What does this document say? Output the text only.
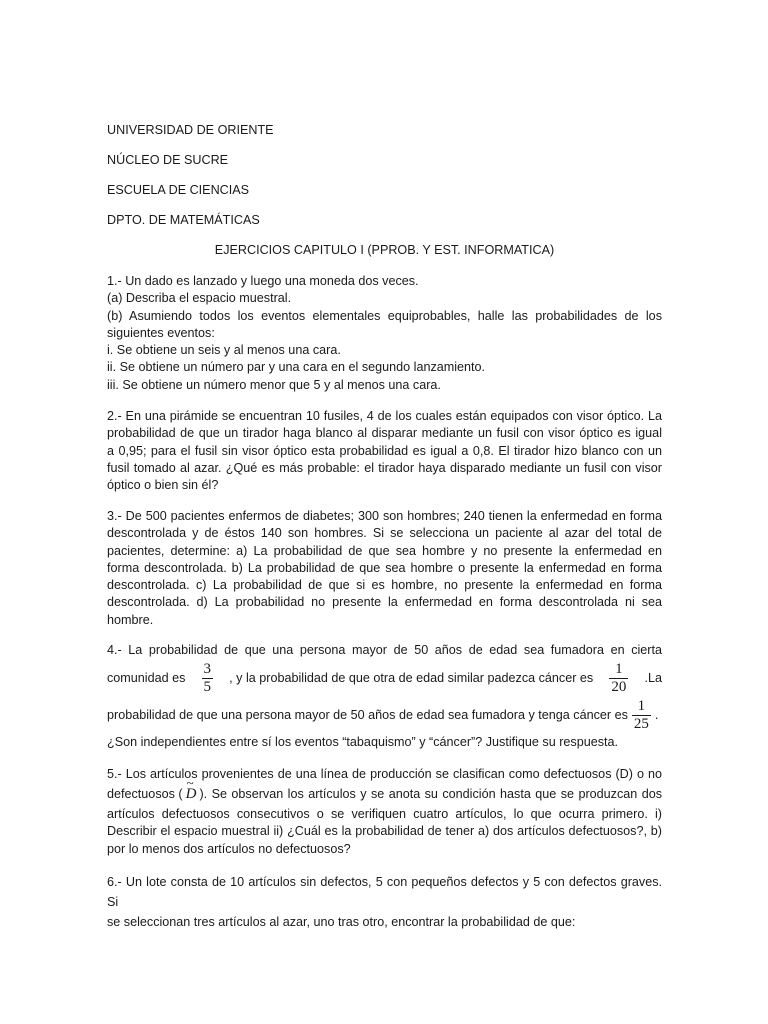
UNIVERSIDAD DE ORIENTE
NÚCLEO DE SUCRE
ESCUELA DE CIENCIAS
DPTO. DE MATEMÁTICAS
EJERCICIOS CAPITULO I (PPROB. Y EST. INFORMATICA)
1.- Un dado es lanzado y luego una moneda dos veces.
(a) Describa el espacio muestral.
(b) Asumiendo todos los eventos elementales equiprobables, halle las probabilidades de los
siguientes eventos:
i. Se obtiene un seis y al menos una cara.
ii. Se obtiene un número par y una cara en el segundo lanzamiento.
iii. Se obtiene un número menor que 5 y al menos una cara.
2.- En una pirámide se encuentran 10 fusiles, 4 de los cuales están equipados con visor óptico. La
probabilidad de que un tirador haga blanco al disparar mediante un fusil con visor óptico es igual
a 0,95; para el fusil sin visor óptico esta probabilidad es igual a 0,8. El tirador hizo blanco con un
fusil tomado al azar. ¿Qué es más probable: el tirador haya disparado mediante un fusil con visor
óptico o bien sin él?
3.- De 500 pacientes enfermos de diabetes; 300 son hombres; 240 tienen la enfermedad en forma
descontrolada y de éstos 140 son hombres. Si se selecciona un paciente al azar del total de
pacientes, determine: a) La probabilidad de que sea hombre y no presente la enfermedad en
forma descontrolada. b) La probabilidad de que sea hombre o presente la enfermedad en forma
descontrolada. c) La probabilidad de que si es hombre, no presente la enfermedad en forma
descontrolada. d) La probabilidad no presente la enfermedad en forma descontrolada ni sea
hombre.
4.- La probabilidad de que una persona mayor de 50 años de edad sea fumadora en cierta
comunidad es $\frac{3}{5}$ , y la probabilidad de que otra de edad similar padezca cáncer es $\frac{1}{20} .La$
probabilidad de que una persona mayor de 50 años de edad sea fumadora y tenga cáncer es $\frac{1}{25}$ .
¿Son independientes entre sí los eventos “tabaquismo” y “cáncer”? Justifique su respuesta.
5.- Los artículos provenientes de una línea de producción se clasifican como defectuosos (D) o no
defectuosos (
~ D ). Se observan los artículos y se anota su condición hasta que se produzcan dos
artículos defectuosos consecutivos o se verifiquen cuatro artículos, lo que ocurra primero. i)
Describir el espacio muestral ii) ¿Cuál es la probabilidad de tener a) dos artículos defectuosos?, b)
por lo menos dos artículos no defectuosos?
6.- Un lote consta de 10 artículos sin defectos, 5 con pequeños defectos y 5 con defectos graves. Si
se seleccionan tres artículos al azar, uno tras otro, encontrar la probabilidad de que:
